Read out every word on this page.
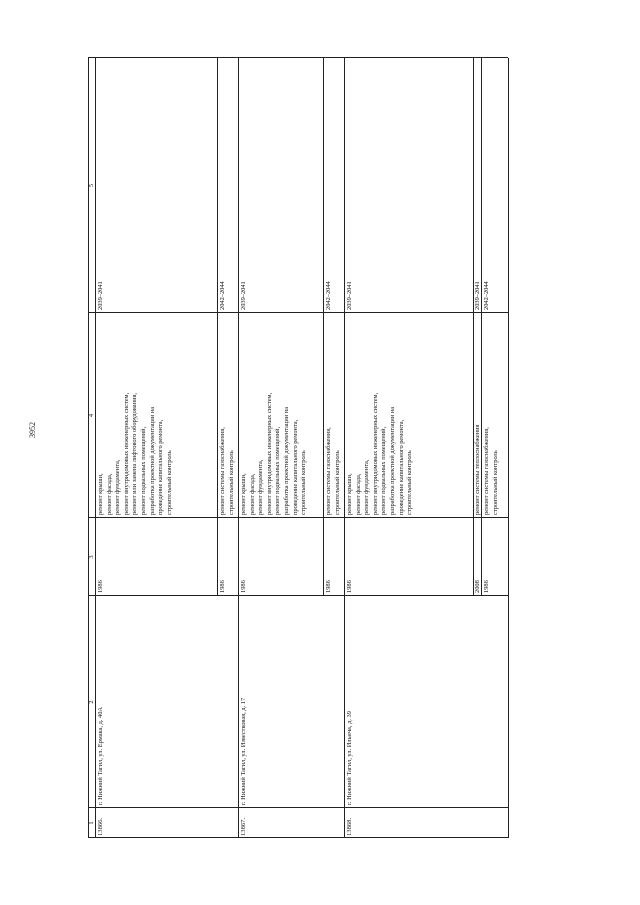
3952
1
2
3
4
5
13866.
г. Нижний Тагил, ул. Ермака, д. 40А
1986
ремонт крыши,
ремонт фасада,
ремонт фундамента,
ремонт внутридомовых инженерных систем,
ремонт или замена лифтового оборудования,
ремонт подвальных помещений,
разработка проектной документации на
проведение капитального ремонта,
строительный контроль
2039–2041
1986
ремонт системы газоснабжения,
строительный контроль
2042–2044
13867.
г. Нижний Тагил, ул. Известковая, д. 17
1986
ремонт крыши,
ремонт фасада,
ремонт фундамента,
ремонт внутридомовых инженерных систем,
ремонт подвальных помещений,
разработка проектной документации на
проведение капитального ремонта,
строительный контроль
2039–2041
1986
ремонт системы газоснабжения,
строительный контроль
2042–2044
13868.
г. Нижний Тагил, ул. Ильича, д. 39
1986
ремонт крыши,
ремонт фасада,
ремонт фундамента,
ремонт внутридомовых инженерных систем,
ремонт подвальных помещений,
разработка проектной документации на
проведение капитального ремонта,
строительный контроль
2039–2041
2008
ремонт системы теплоснабжения
2039–2041
1986
ремонт системы газоснабжения,
строительный контроль
2042–2044
